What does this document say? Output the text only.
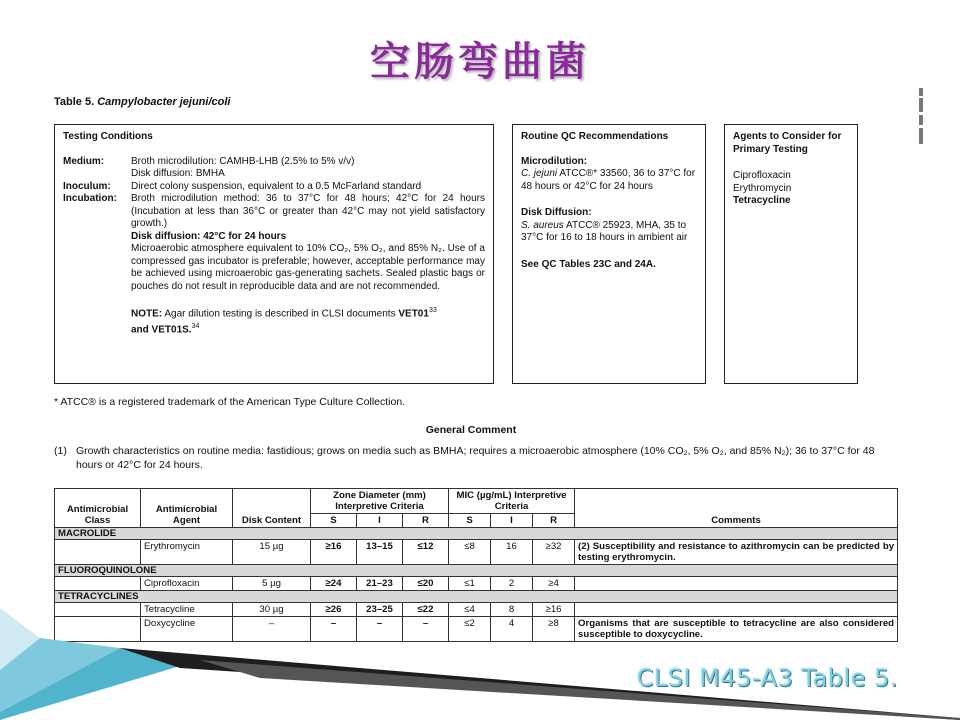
空肠弯曲菌

Table 5. Campylobacter jejuni/coli

Testing Conditions
Medium:	Broth microdilution: CAMHB-LHB (2.5% to 5% v/v)
Disk diffusion: BMHA
Inoculum:	Direct colony suspension, equivalent to a 0.5 McFarland standard
Incubation:	Broth microdilution method: 36 to 37°C for 48 hours; 42°C for 24 hours (Incubation at less than 36°C or greater than 42°C may not yield satisfactory growth.)
Disk diffusion: 42°C for 24 hours
Microaerobic atmosphere equivalent to 10% CO₂, 5% O₂, and 85% N₂. Use of a compressed gas incubator is preferable; however, acceptable performance may be achieved using microaerobic gas-generating sachets. Sealed plastic bags or pouches do not result in reproducible data and are not recommended.
NOTE: Agar dilution testing is described in CLSI documents $VET01^{33}$
and VET01S.$^{34}$
Routine QC Recommendations
Microdilution:
C. jejuni ATCC®* 33560, 36 to 37°C for 48 hours or 42°C for 24 hours
Disk Diffusion:
S. aureus ATCC® 25923, MHA, 35 to 37°C for 16 to 18 hours in ambient air
See QC Tables 23C and 24A.
Agents to Consider for Primary Testing
Ciprofloxacin
Erythromycin
Tetracycline

* ATCC® is a registered trademark of the American Type Culture Collection.

General Comment

(1) Growth characteristics on routine media: fastidious; grows on media such as BMHA; requires a microaerobic atmosphere (10% CO₂, 5% O₂, and 85% N₂); 36 to 37°C for 48 hours or 42°C for 24 hours.
Antimicrobial Class	Antimicrobial Agent	Disk Content	Zone Diameter (mm) Interpretive Criteria			MIC (µg/mL) Interpretive Criteria			Comments
			S	I	R	S	I	R	
MACROLIDE									
	Erythromycin	15 µg	≥16	13–15	≤12	≤8	16	≥32	(2) Susceptibility and resistance to azithromycin can be predicted by testing erythromycin.
FLUOROQUINOLONE									
	Ciprofloxacin	5 µg	≥24	21–23	≤20	≤1	2	≥4	
TETRACYCLINES									
	Tetracycline	30 µg	≥26	23–25	≤22	≤4	8	≥16	
	Doxycycline	–	–	–	–	≤2	4	≥8	Organisms that are susceptible to tetracycline are also considered susceptible to doxycycline.
CLSI M45-A3 Table 5.
